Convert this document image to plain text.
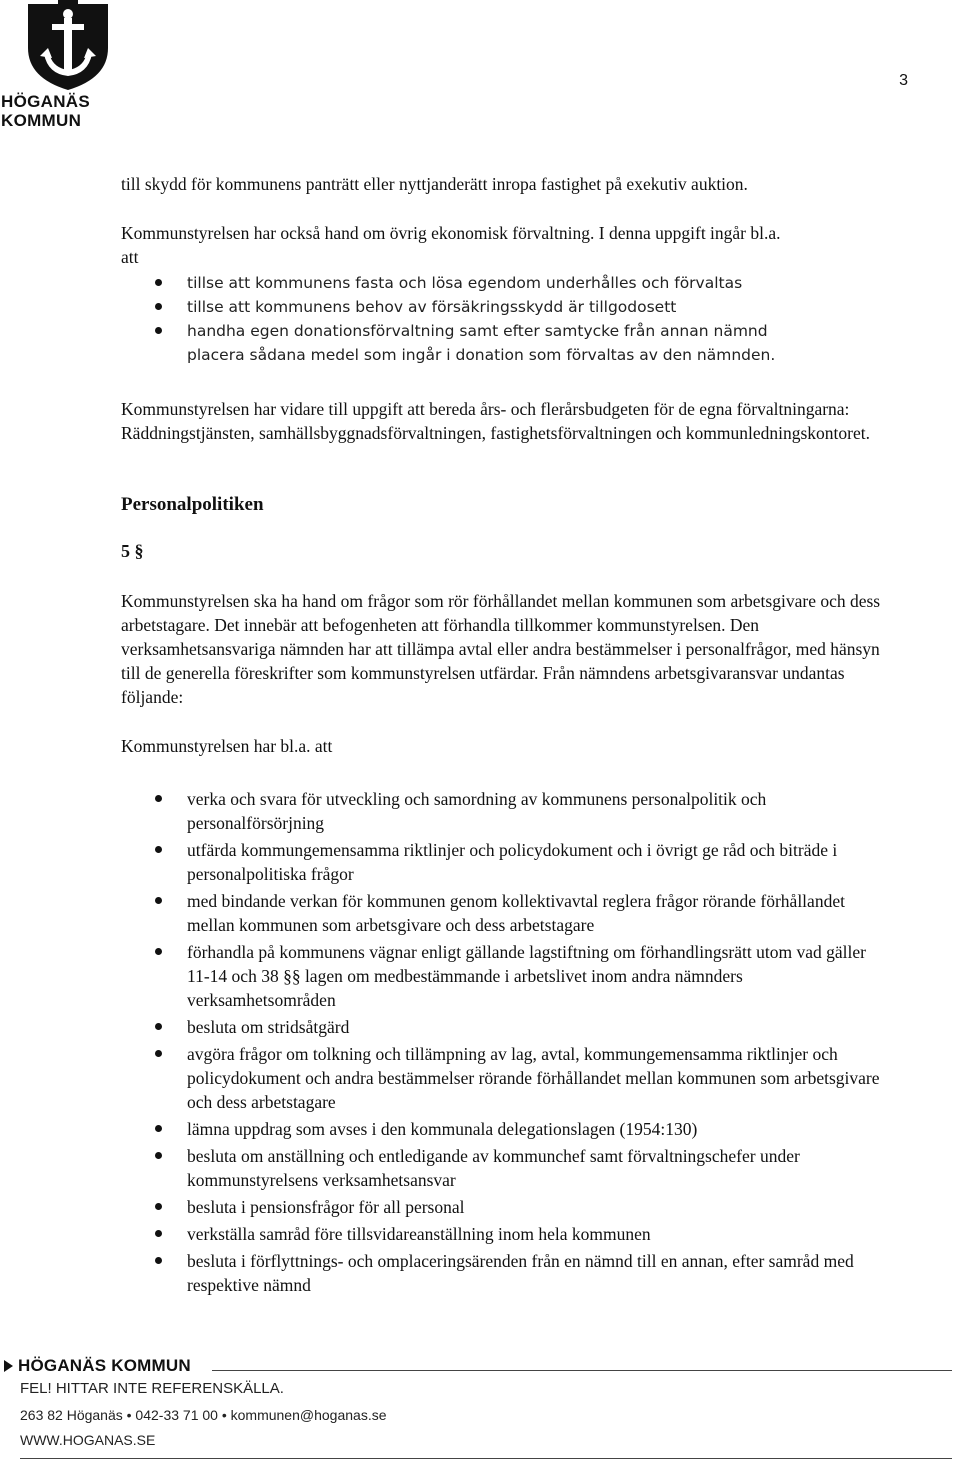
HÖGANÄS
KOMMUN
3
till skydd för kommunens panträtt eller nyttjanderätt inropa fastighet på exekutiv auktion.
Kommunstyrelsen har också hand om övrig ekonomisk förvaltning. I denna uppgift ingår bl.a.
att
tillse att kommunens fasta och lösa egendom underhålles och förvaltas
tillse att kommunens behov av försäkringsskydd är tillgodosett
handha egen donationsförvaltning samt efter samtycke från annan nämnd placera sådana medel som ingår i donation som förvaltas av den nämnden.

Kommunstyrelsen har vidare till uppgift att bereda års- och flerårsbudgeten för de egna förvaltningarna: Räddningstjänsten, samhällsbyggnadsförvaltningen, fastighetsförvaltningen och kommunledningskontoret.

Personalpolitiken
5 §

Kommunstyrelsen ska ha hand om frågor som rör förhållandet mellan kommunen som arbetsgivare och dess arbetstagare. Det innebär att befogenheten att förhandla tillkommer kommunstyrelsen. Den verksamhetsansvariga nämnden har att tillämpa avtal eller andra bestämmelser i personalfrågor, med hänsyn till de generella föreskrifter som kommunstyrelsen utfärdar. Från nämndens arbetsgivaransvar undantas följande:

Kommunstyrelsen har bl.a. att
verka och svara för utveckling och samordning av kommunens personalpolitik och personalförsörjning
utfärda kommungemensamma riktlinjer och policydokument och i övrigt ge råd och biträde i personalpolitiska frågor
med bindande verkan för kommunen genom kollektivavtal reglera frågor rörande förhållandet mellan kommunen som arbetsgivare och dess arbetstagare
förhandla på kommunens vägnar enligt gällande lagstiftning om förhandlingsrätt utom vad gäller 11-14 och 38 §§ lagen om medbestämmande i arbetslivet inom andra nämnders verksamhetsområden
besluta om stridsåtgärd
avgöra frågor om tolkning och tillämpning av lag, avtal, kommungemensamma riktlinjer och policydokument och andra bestämmelser rörande förhållandet mellan kommunen som arbetsgivare och dess arbetstagare
lämna uppdrag som avses i den kommunala delegationslagen (1954:130)
besluta om anställning och entledigande av kommunchef samt förvaltningschefer under kommunstyrelsens verksamhetsansvar
besluta i pensionsfrågor för all personal
verkställa samråd före tillsvidareanställning inom hela kommunen
besluta i förflyttnings- och omplaceringsärenden från en nämnd till en annan, efter samråd med respektive nämnd
HÖGANÄS KOMMUN
FEL! HITTAR INTE REFERENSKÄLLA.
263 82 Höganäs • 042-33 71 00 • kommunen@hoganas.se
WWW.HOGANAS.SE
